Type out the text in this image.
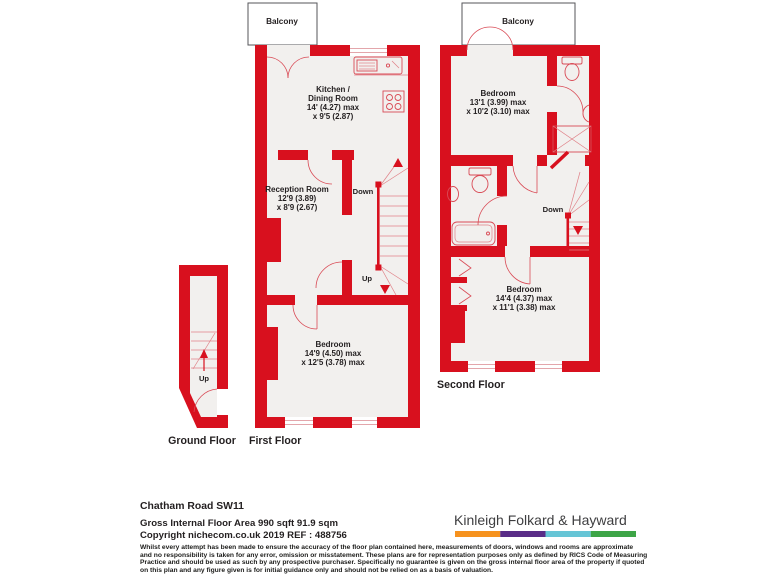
Balcony
Down
Up
Kitchen /
Dining Room
14' (4.27) max
x 9'5 (2.87)
Reception Room
12'9 (3.89)
x 8'9 (2.67)
Bedroom
14'9 (4.50) max
x 12'5 (3.78) max
First Floor
Up
Ground Floor
Balcony
Down
Bedroom
13'1 (3.99) max
x 10'2 (3.10) max
Bedroom
14'4 (4.37) max
x 11'1 (3.38) max
Second Floor
Chatham Road SW11
Gross Internal Floor Area 990 sqft 91.9 sqm
Copyright nichecom.co.uk 2019 REF : 488756
Kinleigh Folkard & Hayward
Whilst every attempt has been made to ensure the accuracy of the floor plan contained here, measurements of doors, windows and rooms are approximate
and no responsibility is taken for any error, omission or misstatement. These plans are for representation purposes only as defined by RICS Code of Measuring
Practice and should be used as such by any prospective purchaser. Specifically no guarantee is given on the gross internal floor area of the property if quoted
on this plan and any figure given is for initial guidance only and should not be relied on as a basis of valuation.
